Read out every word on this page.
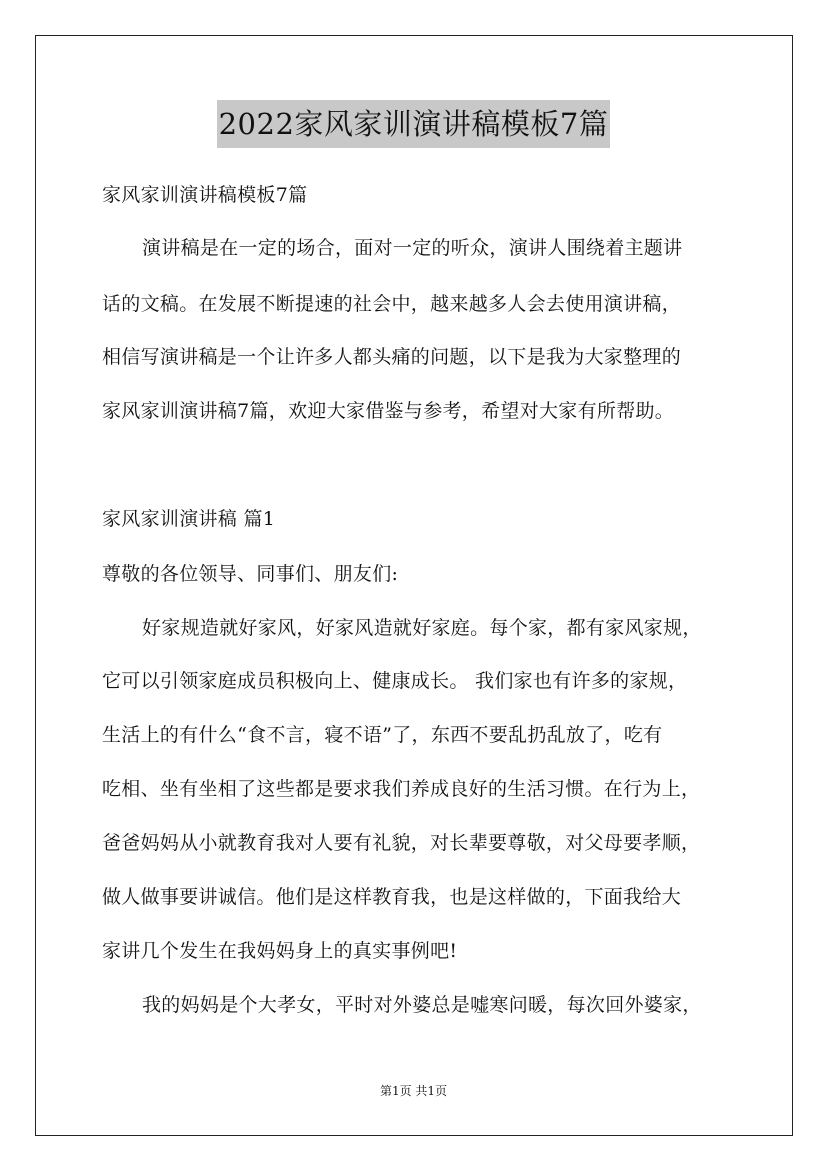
2022家风家训演讲稿模板7篇
家风家训演讲稿模板7篇
演讲稿是在一定的场合，面对一定的听众，演讲人围绕着主题讲
话的文稿。在发展不断提速的社会中，越来越多人会去使用演讲稿，
相信写演讲稿是一个让许多人都头痛的问题，以下是我为大家整理的
家风家训演讲稿7篇，欢迎大家借鉴与参考，希望对大家有所帮助。
家风家训演讲稿 篇1
尊敬的各位领导、同事们、朋友们:
好家规造就好家风，好家风造就好家庭。每个家，都有家风家规，
它可以引领家庭成员积极向上、健康成长。 我们家也有许多的家规，
生活上的有什么“食不言，寝不语”了，东西不要乱扔乱放了，吃有
吃相、坐有坐相了这些都是要求我们养成良好的生活习惯。在行为上，
爸爸妈妈从小就教育我对人要有礼貌，对长辈要尊敬，对父母要孝顺，
做人做事要讲诚信。他们是这样教育我，也是这样做的，下面我给大
家讲几个发生在我妈妈身上的真实事例吧!
我的妈妈是个大孝女，平时对外婆总是嘘寒问暖，每次回外婆家，
第1页 共1页
